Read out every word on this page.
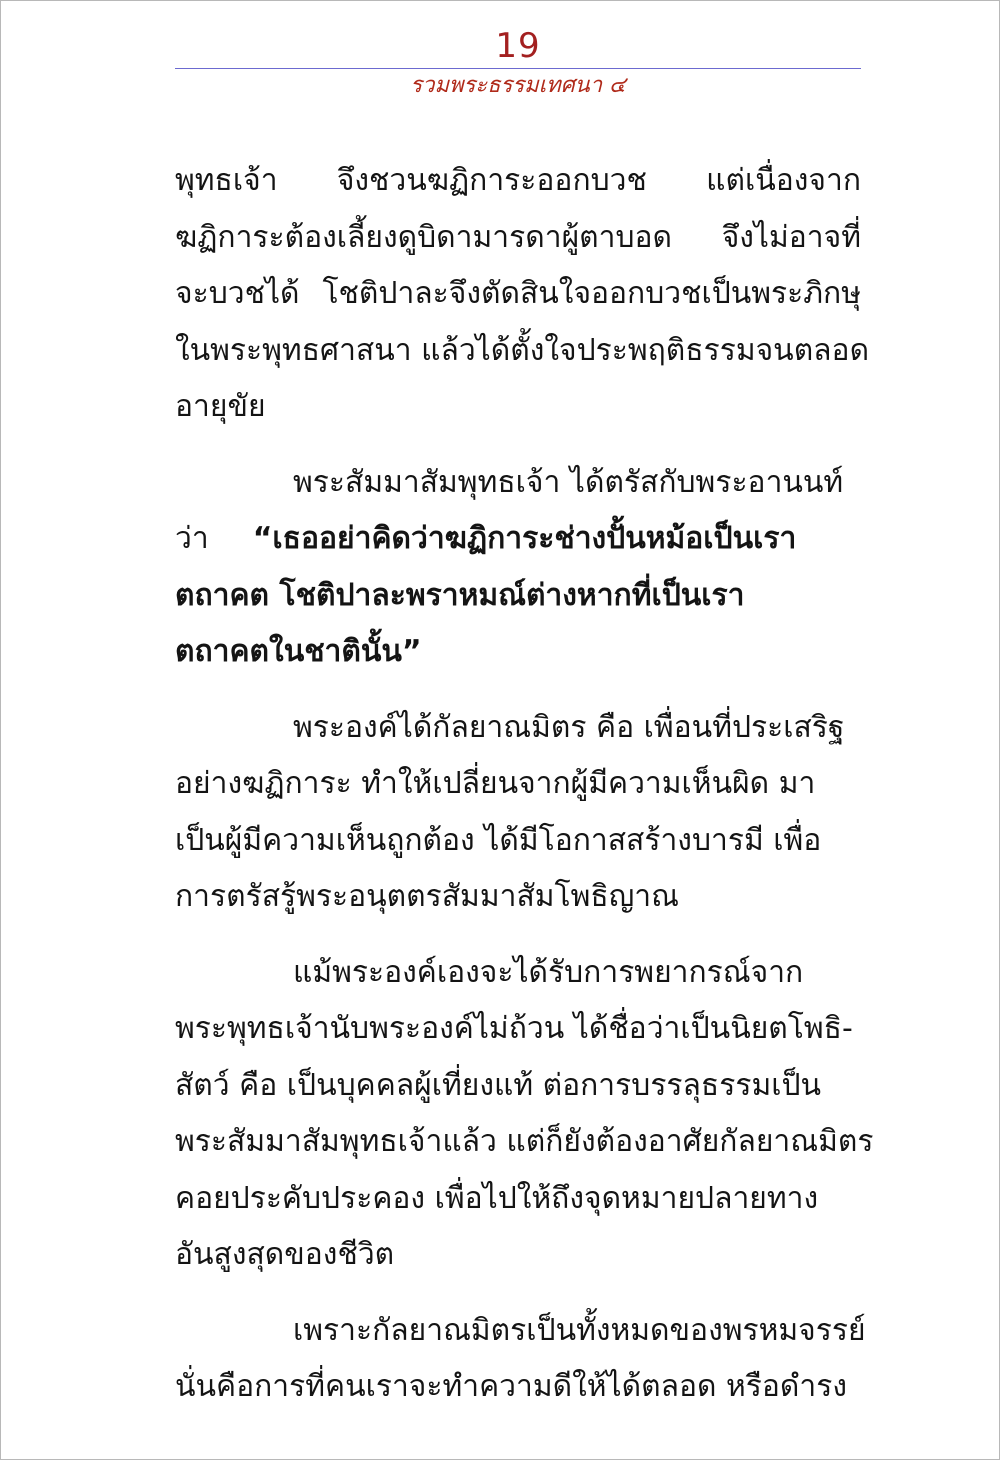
19
รวมพระธรรมเทศนา ๔
พุทธเจ้า จึงชวนฆฏิการะออกบวช แต่เนื่องจาก
ฆฏิการะต้องเลี้ยงดูบิดามารดาผู้ตาบอด จึงไม่อาจที่
จะบวชได้ โชติปาละจึงตัดสินใจออกบวชเป็นพระภิกษุ
ในพระพุทธศาสนา แล้วได้ตั้งใจประพฤติธรรมจนตลอด
อายุขัย
พระสัมมาสัมพุทธเจ้า ได้ตรัสกับพระอานนท์
ว่า “เธออย่าคิดว่าฆฏิการะช่างปั้นหม้อเป็นเรา
ตถาคต โชติปาละพราหมณ์ต่างหากที่เป็นเรา
ตถาคตในชาตินั้น”
พระองค์ได้กัลยาณมิตร คือ เพื่อนที่ประเสริฐ
อย่างฆฏิการะ ทำให้เปลี่ยนจากผู้มีความเห็นผิด มา
เป็นผู้มีความเห็นถูกต้อง ได้มีโอกาสสร้างบารมี เพื่อ
การตรัสรู้พระอนุตตรสัมมาสัมโพธิญาณ
แม้พระองค์เองจะได้รับการพยากรณ์จาก
พระพุทธเจ้านับพระองค์ไม่ถ้วน ได้ชื่อว่าเป็นนิยตโพธิ-
สัตว์ คือ เป็นบุคคลผู้เที่ยงแท้ ต่อการบรรลุธรรมเป็น
พระสัมมาสัมพุทธเจ้าแล้ว แต่ก็ยังต้องอาศัยกัลยาณมิตร
คอยประคับประคอง เพื่อไปให้ถึงจุดหมายปลายทาง
อันสูงสุดของชีวิต
เพราะกัลยาณมิตรเป็นทั้งหมดของพรหมจรรย์
นั่นคือการที่คนเราจะทำความดีให้ได้ตลอด หรือดำรง
